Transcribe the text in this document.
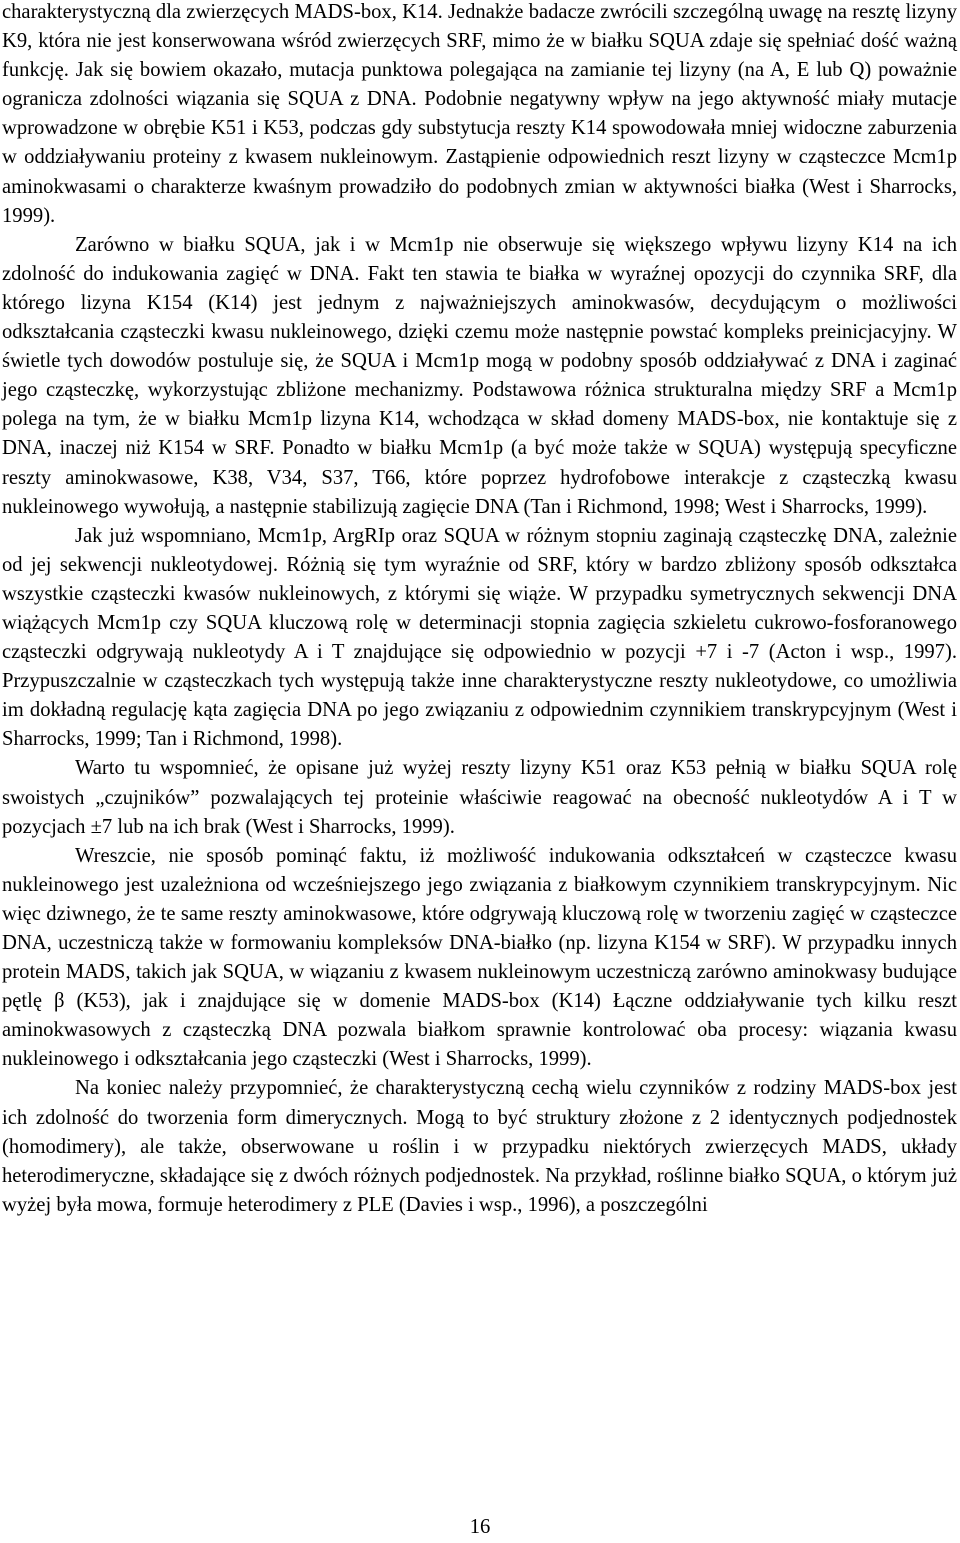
charakterystyczną dla zwierzęcych MADS-box, K14. Jednakże badacze zwrócili szczególną uwagę na resztę lizyny K9, która nie jest konserwowana wśród zwierzęcych SRF, mimo że w białku SQUA zdaje się spełniać dość ważną funkcję. Jak się bowiem okazało, mutacja punktowa polegająca na zamianie tej lizyny (na A, E lub Q) poważnie ogranicza zdolności wiązania się SQUA z DNA. Podobnie negatywny wpływ na jego aktywność miały mutacje wprowadzone w obrębie K51 i K53, podczas gdy substytucja reszty K14 spowodowała mniej widoczne zaburzenia w oddziaływaniu proteiny z kwasem nukleinowym. Zastąpienie odpowiednich reszt lizyny w cząsteczce Mcm1p aminokwasami o charakterze kwaśnym prowadziło do podobnych zmian w aktywności białka (West i Sharrocks, 1999).

Zarówno w białku SQUA, jak i w Mcm1p nie obserwuje się większego wpływu lizyny K14 na ich zdolność do indukowania zagięć w DNA. Fakt ten stawia te białka w wyraźnej opozycji do czynnika SRF, dla którego lizyna K154 (K14) jest jednym z najważniejszych aminokwasów, decydującym o możliwości odkształcania cząsteczki kwasu nukleinowego, dzięki czemu może następnie powstać kompleks preinicjacyjny. W świetle tych dowodów postuluje się, że SQUA i Mcm1p mogą w podobny sposób oddziaływać z DNA i zaginać jego cząsteczkę, wykorzystując zbliżone mechanizmy. Podstawowa różnica strukturalna między SRF a Mcm1p polega na tym, że w białku Mcm1p lizyna K14, wchodząca w skład domeny MADS-box, nie kontaktuje się z DNA, inaczej niż K154 w SRF. Ponadto w białku Mcm1p (a być może także w SQUA) występują specyficzne reszty aminokwasowe, K38, V34, S37, T66, które poprzez hydrofobowe interakcje z cząsteczką kwasu nukleinowego wywołują, a następnie stabilizują zagięcie DNA (Tan i Richmond, 1998; West i Sharrocks, 1999).

Jak już wspomniano, Mcm1p, ArgRIp oraz SQUA w różnym stopniu zaginają cząsteczkę DNA, zależnie od jej sekwencji nukleotydowej. Różnią się tym wyraźnie od SRF, który w bardzo zbliżony sposób odkształca wszystkie cząsteczki kwasów nukleinowych, z którymi się wiąże. W przypadku symetrycznych sekwencji DNA wiążących Mcm1p czy SQUA kluczową rolę w determinacji stopnia zagięcia szkieletu cukrowo-fosforanowego cząsteczki odgrywają nukleotydy A i T znajdujące się odpowiednio w pozycji +7 i -7 (Acton i wsp., 1997). Przypuszczalnie w cząsteczkach tych występują także inne charakterystyczne reszty nukleotydowe, co umożliwia im dokładną regulację kąta zagięcia DNA po jego związaniu z odpowiednim czynnikiem transkrypcyjnym (West i Sharrocks, 1999; Tan i Richmond, 1998).

Warto tu wspomnieć, że opisane już wyżej reszty lizyny K51 oraz K53 pełnią w białku SQUA rolę swoistych „czujników” pozwalających tej proteinie właściwie reagować na obecność nukleotydów A i T w pozycjach ±7 lub na ich brak (West i Sharrocks, 1999).

Wreszcie, nie sposób pominąć faktu, iż możliwość indukowania odkształceń w cząsteczce kwasu nukleinowego jest uzależniona od wcześniejszego jego związania z białkowym czynnikiem transkrypcyjnym. Nic więc dziwnego, że te same reszty aminokwasowe, które odgrywają kluczową rolę w tworzeniu zagięć w cząsteczce DNA, uczestniczą także w formowaniu kompleksów DNA-białko (np. lizyna K154 w SRF). W przypadku innych protein MADS, takich jak SQUA, w wiązaniu z kwasem nukleinowym uczestniczą zarówno aminokwasy budujące pętlę β (K53), jak i znajdujące się w domenie MADS-box (K14) Łączne oddziaływanie tych kilku reszt aminokwasowych z cząsteczką DNA pozwala białkom sprawnie kontrolować oba procesy: wiązania kwasu nukleinowego i odkształcania jego cząsteczki (West i Sharrocks, 1999).

Na koniec należy przypomnieć, że charakterystyczną cechą wielu czynników z rodziny MADS-box jest ich zdolność do tworzenia form dimerycznych. Mogą to być struktury złożone z 2 identycznych podjednostek (homodimery), ale także, obserwowane u roślin i w przypadku niektórych zwierzęcych MADS, układy heterodimeryczne, składające się z dwóch różnych podjednostek. Na przykład, roślinne białko SQUA, o którym już wyżej była mowa, formuje heterodimery z PLE (Davies i wsp., 1996), a poszczególni

16
